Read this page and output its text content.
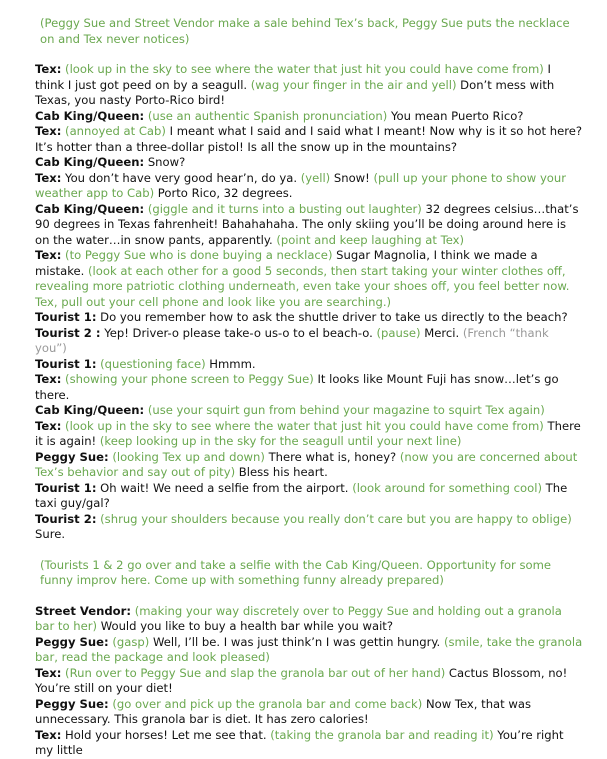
(Peggy Sue and Street Vendor make a sale behind Tex’s back, Peggy Sue puts the necklace on and Tex never notices)

Tex: (look up in the sky to see where the water that just hit you could have come from) I think I just got peed on by a seagull. (wag your finger in the air and yell) Don’t mess with Texas, you nasty Porto-Rico bird!

Cab King/Queen: (use an authentic Spanish pronunciation) You mean Puerto Rico?

Tex: (annoyed at Cab) I meant what I said and I said what I meant! Now why is it so hot here? It’s hotter than a three-dollar pistol! Is all the snow up in the mountains?

Cab King/Queen: Snow?

Tex: You don’t have very good hear’n, do ya. (yell) Snow! (pull up your phone to show your weather app to Cab) Porto Rico, 32 degrees.

Cab King/Queen: (giggle and it turns into a busting out laughter) 32 degrees celsius…that’s 90 degrees in Texas fahrenheit! Bahahahaha. The only skiing you’ll be doing around here is on the water…in snow pants, apparently. (point and keep laughing at Tex)

Tex: (to Peggy Sue who is done buying a necklace) Sugar Magnolia, I think we made a mistake. (look at each other for a good 5 seconds, then start taking your winter clothes off, revealing more patriotic clothing underneath, even take your shoes off, you feel better now. Tex, pull out your cell phone and look like you are searching.)

Tourist 1: Do you remember how to ask the shuttle driver to take us directly to the beach?

Tourist 2 : Yep! Driver-o please take-o us-o to el beach-o. (pause) Merci. (French “thank you”)

Tourist 1: (questioning face) Hmmm.

Tex: (showing your phone screen to Peggy Sue) It looks like Mount Fuji has snow…let’s go there.

Cab King/Queen: (use your squirt gun from behind your magazine to squirt Tex again)

Tex: (look up in the sky to see where the water that just hit you could have come from) There it is again! (keep looking up in the sky for the seagull until your next line)

Peggy Sue: (looking Tex up and down) There what is, honey? (now you are concerned about Tex’s behavior and say out of pity) Bless his heart.

Tourist 1: Oh wait! We need a selfie from the airport. (look around for something cool) The taxi guy/gal?

Tourist 2: (shrug your shoulders because you really don’t care but you are happy to oblige) Sure.

(Tourists 1 & 2 go over and take a selfie with the Cab King/Queen. Opportunity for some funny improv here. Come up with something funny already prepared)

Street Vendor: (making your way discretely over to Peggy Sue and holding out a granola bar to her) Would you like to buy a health bar while you wait?

Peggy Sue: (gasp) Well, I’ll be. I was just think’n I was gettin hungry. (smile, take the granola bar, read the package and look pleased)

Tex: (Run over to Peggy Sue and slap the granola bar out of her hand) Cactus Blossom, no! You’re still on your diet!

Peggy Sue: (go over and pick up the granola bar and come back) Now Tex, that was unnecessary. This granola bar is diet. It has zero calories!

Tex: Hold your horses! Let me see that. (taking the granola bar and reading it) You’re right my little
